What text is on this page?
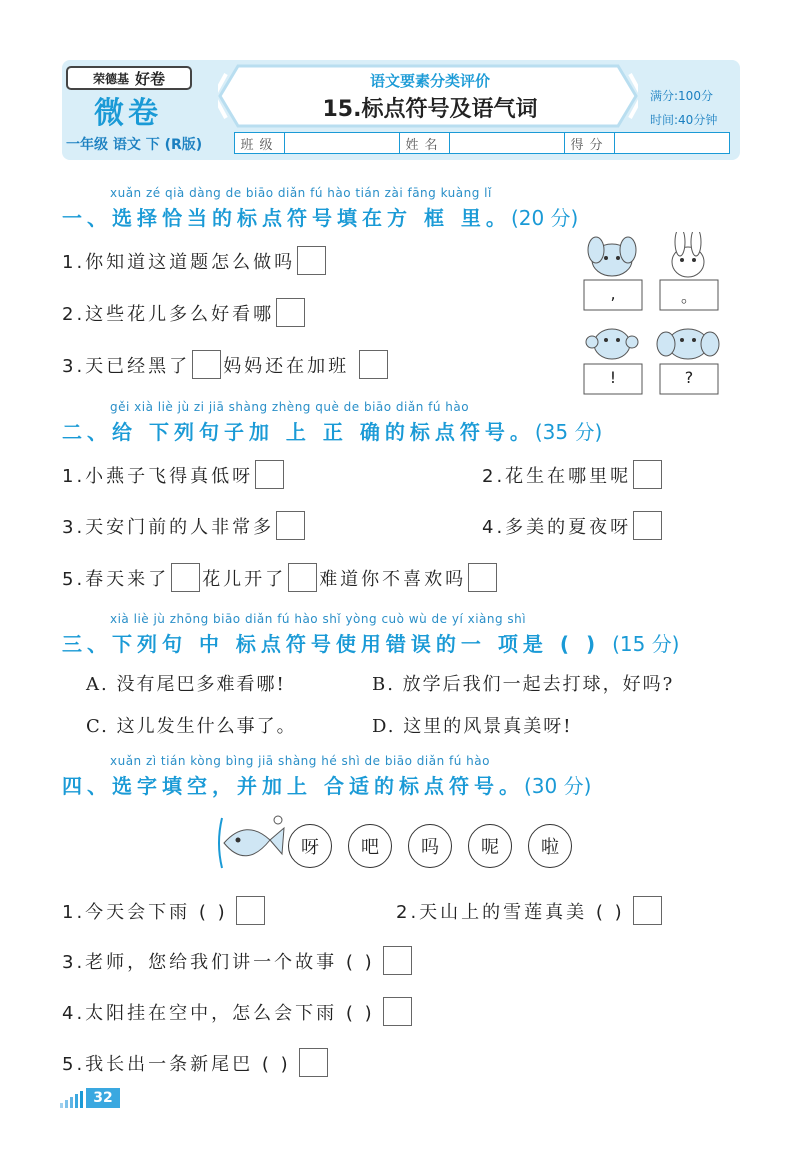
荣德基 好卷
微卷
一年级 语文 下 (R版)
语文要素分类评价
15.标点符号及语气词
满分:100分
时间:40分钟
班级	姓名	得分
xuǎn zé qià dàng de biāo diǎn fú hào tián zài fāng kuàng lǐ
一、选择恰当的标点符号填在方 框 里。(20 分)
1.你知道这道题怎么做吗
2.这些花儿多么好看哪
3.天已经黑了 妈妈还在加班
,	。
!	?
gěi xià liè jù zi jiā shàng zhèng què de biāo diǎn fú hào
二、给 下列句子加 上 正 确的标点符号。(35 分)
1.小燕子飞得真低呀	2.花生在哪里呢
3.天安门前的人非常多	4.多美的夏夜呀
5.春天来了 花儿开了 难道你不喜欢吗
xià liè jù zhōng biāo diǎn fú hào shǐ yòng cuò wù de yí xiàng shì
三、下列句 中 标点符号使用错误的一 项是 ( ) (15 分)
A. 没有尾巴多难看哪!	B. 放学后我们一起去打球，好吗?
C. 这儿发生什么事了。	D. 这里的风景真美呀!
xuǎn zì tián kòng bìng jiā shàng hé shì de biāo diǎn fú hào
四、选字填空，并加上 合适的标点符号。(30 分)
呀	吧	吗	呢	啦
1.今天会下雨 ( )	2.天山上的雪莲真美 ( )
3.老师，您给我们讲一个故事 ( )
4.太阳挂在空中，怎么会下雨 ( )
5.我长出一条新尾巴 ( )
32
